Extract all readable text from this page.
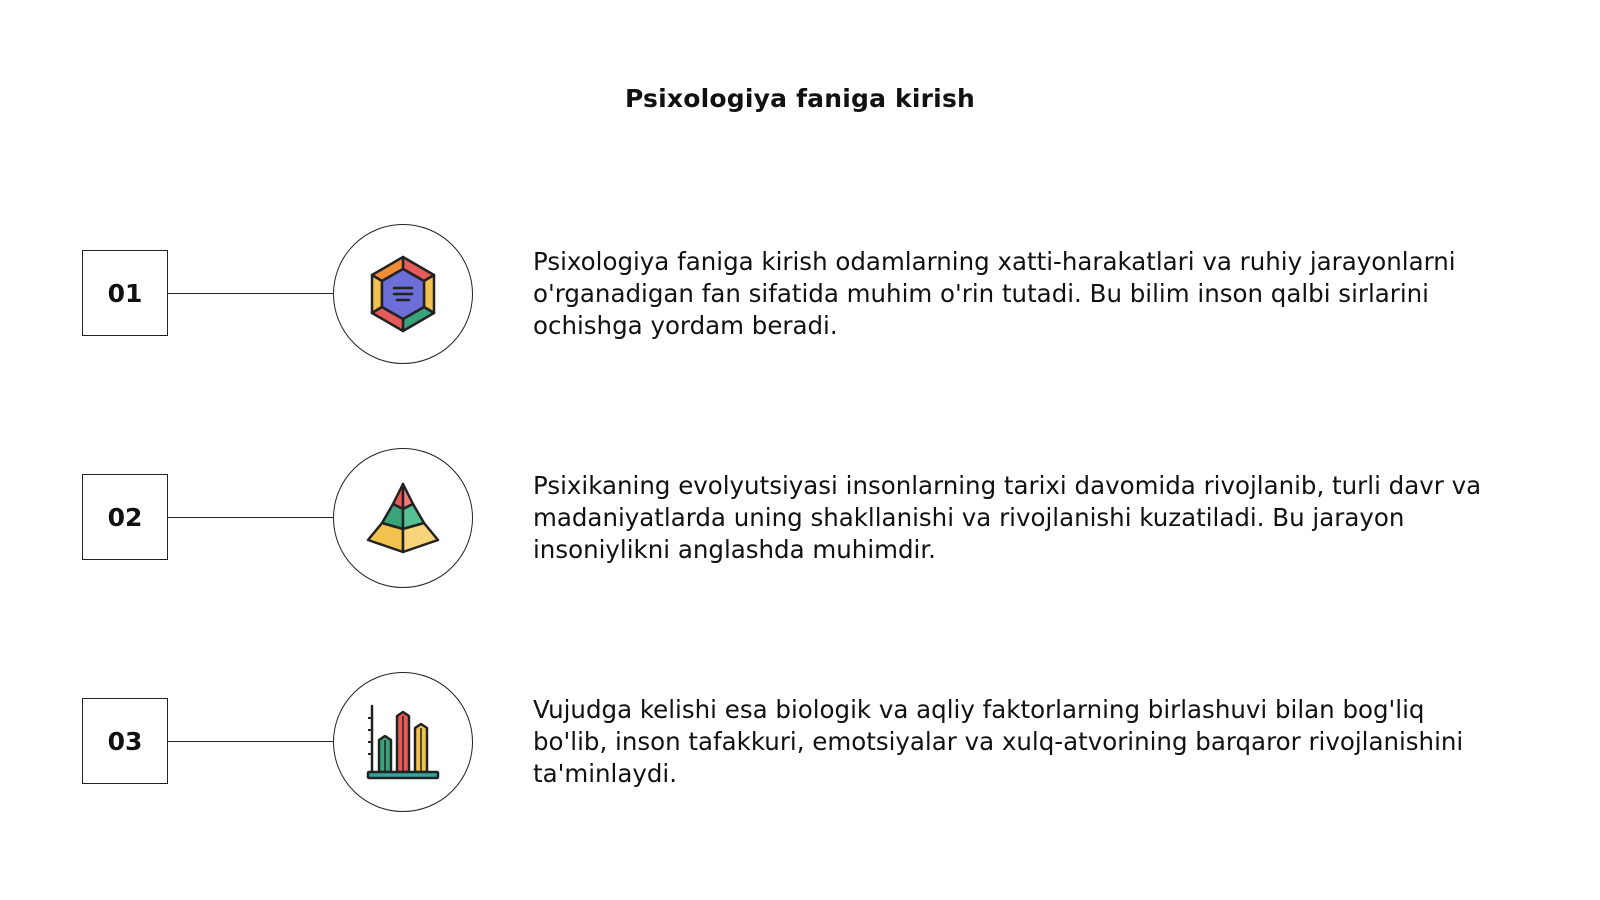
Psixologiya faniga kirish
01

Psixologiya faniga kirish odamlarning xatti-harakatlari va ruhiy jarayonlarni o'rganadigan fan sifatida muhim o'rin tutadi. Bu bilim inson qalbi sirlarini ochishga yordam beradi.

02

Psixikaning evolyutsiyasi insonlarning tarixi davomida rivojlanib, turli davr va madaniyatlarda uning shakllanishi va rivojlanishi kuzatiladi. Bu jarayon insoniylikni anglashda muhimdir.

03

Vujudga kelishi esa biologik va aqliy faktorlarning birlashuvi bilan bog'liq bo'lib, inson tafakkuri, emotsiyalar va xulq-atvorining barqaror rivojlanishini ta'minlaydi.
